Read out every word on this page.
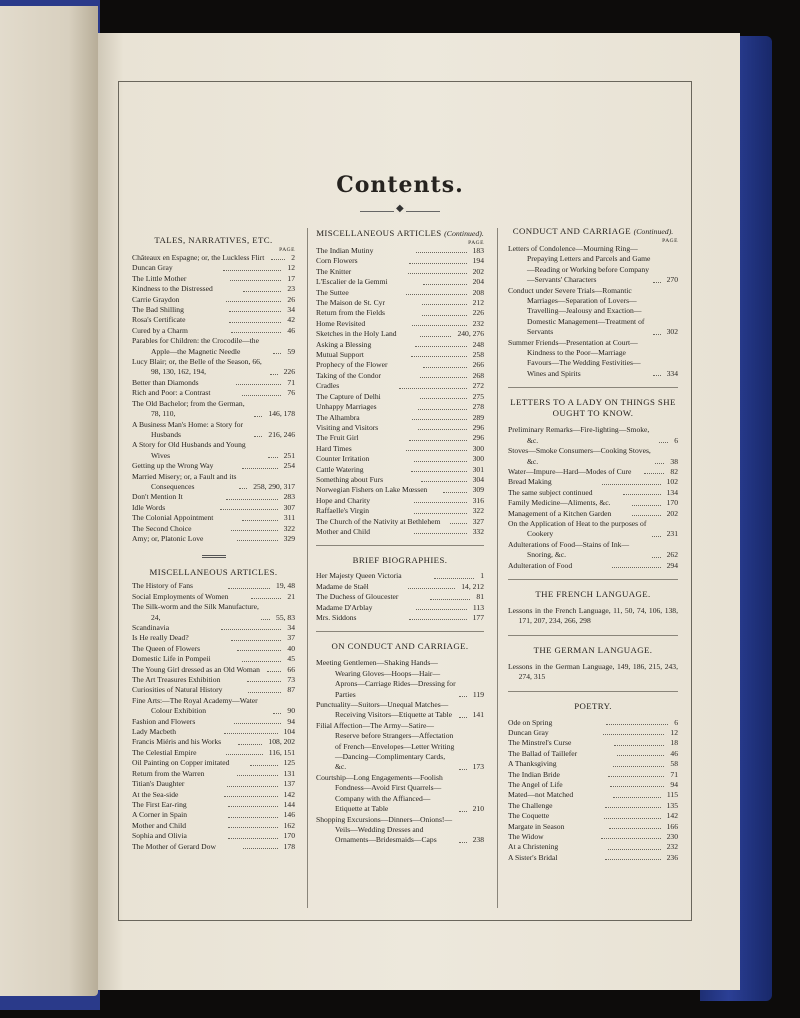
Contents.
◆
TALES, NARRATIVES, ETC.
PAGE
Châteaux en Espagne; or, the Luckless Flirt	2
Duncan Gray	12
The Little Mother	17
Kindness to the Distressed	23
Carrie Graydon	26
The Bad Shilling	34
Rosa's Certificate	42
Cured by a Charm	46
Parables for Children: the Crocodile—the Apple—the Magnetic Needle	59
Lucy Blair; or, the Belle of the Season, 66, 98, 130, 162, 194,	226
Better than Diamonds	71
Rich and Poor: a Contrast	76
The Old Bachelor; from the German, 78, 110,	146, 178
A Business Man's Home: a Story for Husbands	216, 246
A Story for Old Husbands and Young Wives	251
Getting up the Wrong Way	254
Married Misery; or, a Fault and its Consequences	258, 290, 317
Don't Mention It	283
Idle Words	307
The Colonial Appointment	311
The Second Choice	322
Amy; or, Platonic Love	329
MISCELLANEOUS ARTICLES.
The History of Fans	19, 48
Social Employments of Women	21
The Silk-worm and the Silk Manufacture, 24,	55, 83
Scandinavia	34
Is He really Dead?	37
The Queen of Flowers	40
Domestic Life in Pompeii	45
The Young Girl dressed as an Old Woman	66
The Art Treasures Exhibition	73
Curiosities of Natural History	87
Fine Arts:—The Royal Academy—Water Colour Exhibition	90
Fashion and Flowers	94
Lady Macbeth	104
Francis Miéris and his Works	108, 202
The Celestial Empire	116, 151
Oil Painting on Copper imitated	125
Return from the Warren	131
Titian's Daughter	137
At the Sea-side	142
The First Ear-ring	144
A Corner in Spain	146
Mother and Child	162
Sophia and Olivia	170
The Mother of Gerard Dow	178
MISCELLANEOUS ARTICLES (Continued).
PAGE
The Indian Mutiny	183
Corn Flowers	194
The Knitter	202
L'Escalier de la Gemmi	204
The Suttee	208
The Maison de St. Cyr	212
Return from the Fields	226
Home Revisited	232
Sketches in the Holy Land	240, 276
Asking a Blessing	248
Mutual Support	258
Prophecy of the Flower	266
Taking of the Condor	268
Cradles	272
The Capture of Delhi	275
Unhappy Marriages	278
The Alhambra	289
Visiting and Visitors	296
The Fruit Girl	296
Hard Times	300
Counter Irritation	300
Cattle Watering	301
Something about Furs	304
Norwegian Fishers on Lake Mœssen	309
Hope and Charity	316
Raffaelle's Virgin	322
The Church of the Nativity at Bethlehem	327
Mother and Child	332
BRIEF BIOGRAPHIES.
Her Majesty Queen Victoria	1
Madame de Staël	14, 212
The Duchess of Gloucester	81
Madame D'Arblay	113
Mrs. Siddons	177
ON CONDUCT AND CARRIAGE.
Meeting Gentlemen—Shaking Hands—Wearing Gloves—Hoops—Hair—Aprons—Carriage Rides—Dressing for Parties	119
Punctuality—Suitors—Unequal Matches—Receiving Visitors—Etiquette at Table	141
Filial Affection—The Army—Satire—Reserve before Strangers—Affectation of French—Envelopes—Letter Writing—Dancing—Complimentary Cards, &c.	173
Courtship—Long Engagements—Foolish Fondness—Avoid First Quarrels—Company with the Affianced—Etiquette at Table	210
Shopping Excursions—Dinners—Onions!—Veils—Wedding Dresses and Ornaments—Bridesmaids—Caps	238
CONDUCT AND CARRIAGE (Continued).
PAGE
Letters of Condolence—Mourning Ring—Prepaying Letters and Parcels and Game—Reading or Working before Company—Servants' Characters	270
Conduct under Severe Trials—Romantic Marriages—Separation of Lovers—Travelling—Jealousy and Exaction—Domestic Management—Treatment of Servants	302
Summer Friends—Presentation at Court—Kindness to the Poor—Marriage Favours—The Wedding Festivities—Wines and Spirits	334
LETTERS TO A LADY ON THINGS SHE OUGHT TO KNOW.
Preliminary Remarks—Fire-lighting—Smoke, &c.	6
Stoves—Smoke Consumers—Cooking Stoves, &c.	38
Water—Impure—Hard—Modes of Cure	82
Bread Making	102
The same subject continued	134
Family Medicine—Aliments, &c.	170
Management of a Kitchen Garden	202
On the Application of Heat to the purposes of Cookery	231
Adulterations of Food—Stains of Ink—Snoring, &c.	262
Adulteration of Food	294
THE FRENCH LANGUAGE.
Lessons in the French Language, 11, 50, 74, 106, 138, 171, 207, 234, 266, 298
THE GERMAN LANGUAGE.
Lessons in the German Language, 149, 186, 215, 243, 274, 315
POETRY.
Ode on Spring	6
Duncan Gray	12
The Minstrel's Curse	18
The Ballad of Taillefer	46
A Thanksgiving	58
The Indian Bride	71
The Angel of Life	94
Mated—not Matched	115
The Challenge	135
The Coquette	142
Margate in Season	166
The Widow	230
At a Christening	232
A Sister's Bridal	236
